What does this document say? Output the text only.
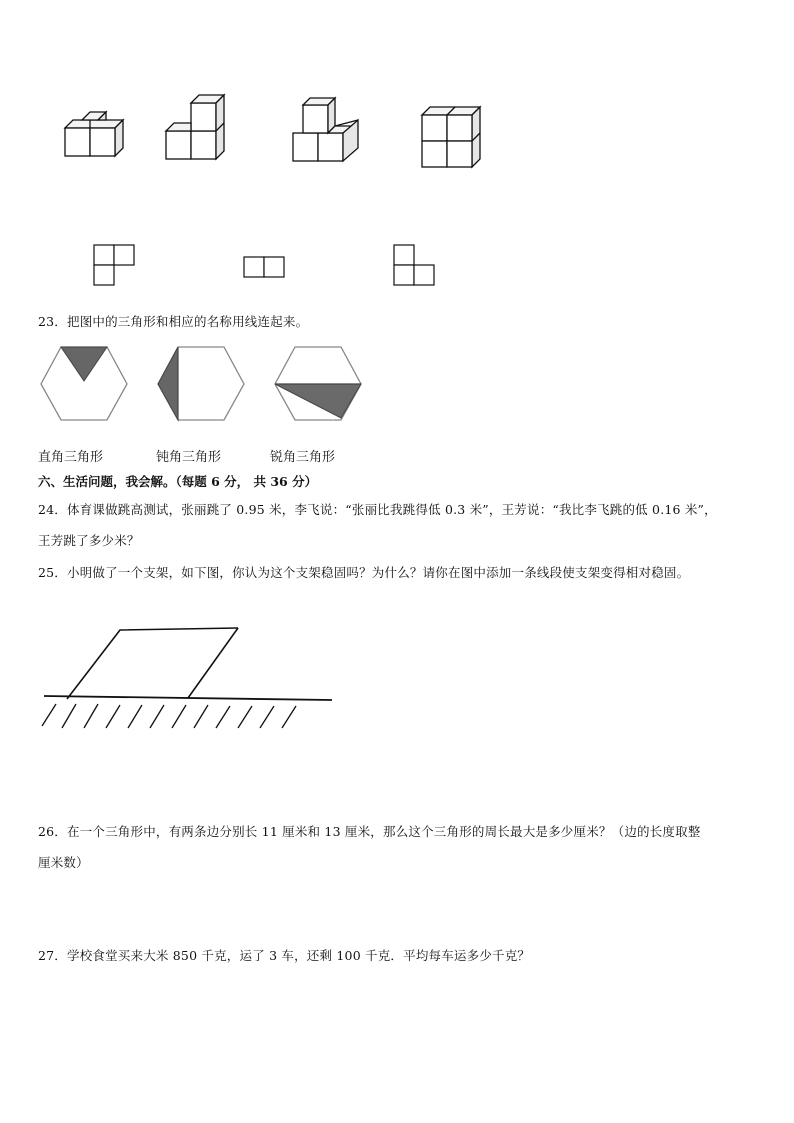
23．把图中的三角形和相应的名称用线连起来。
直角三角形	钝角三角形	锐角三角形
六、生活问题，我会解。（每题 6 分， 共 36 分）
24．体育课做跳高测试，张丽跳了 0.95 米，李飞说：“张丽比我跳得低 0.3 米”，王芳说：“我比李飞跳的低 0.16 米”，
王芳跳了多少米？
25．小明做了一个支架，如下图，你认为这个支架稳固吗？为什么？请你在图中添加一条线段使支架变得相对稳固。
26．在一个三角形中，有两条边分别长 11 厘米和 13 厘米，那么这个三角形的周长最大是多少厘米？（边的长度取整
厘米数）
27．学校食堂买来大米 850 千克，运了 3 车，还剩 100 千克．平均每车运多少千克？
